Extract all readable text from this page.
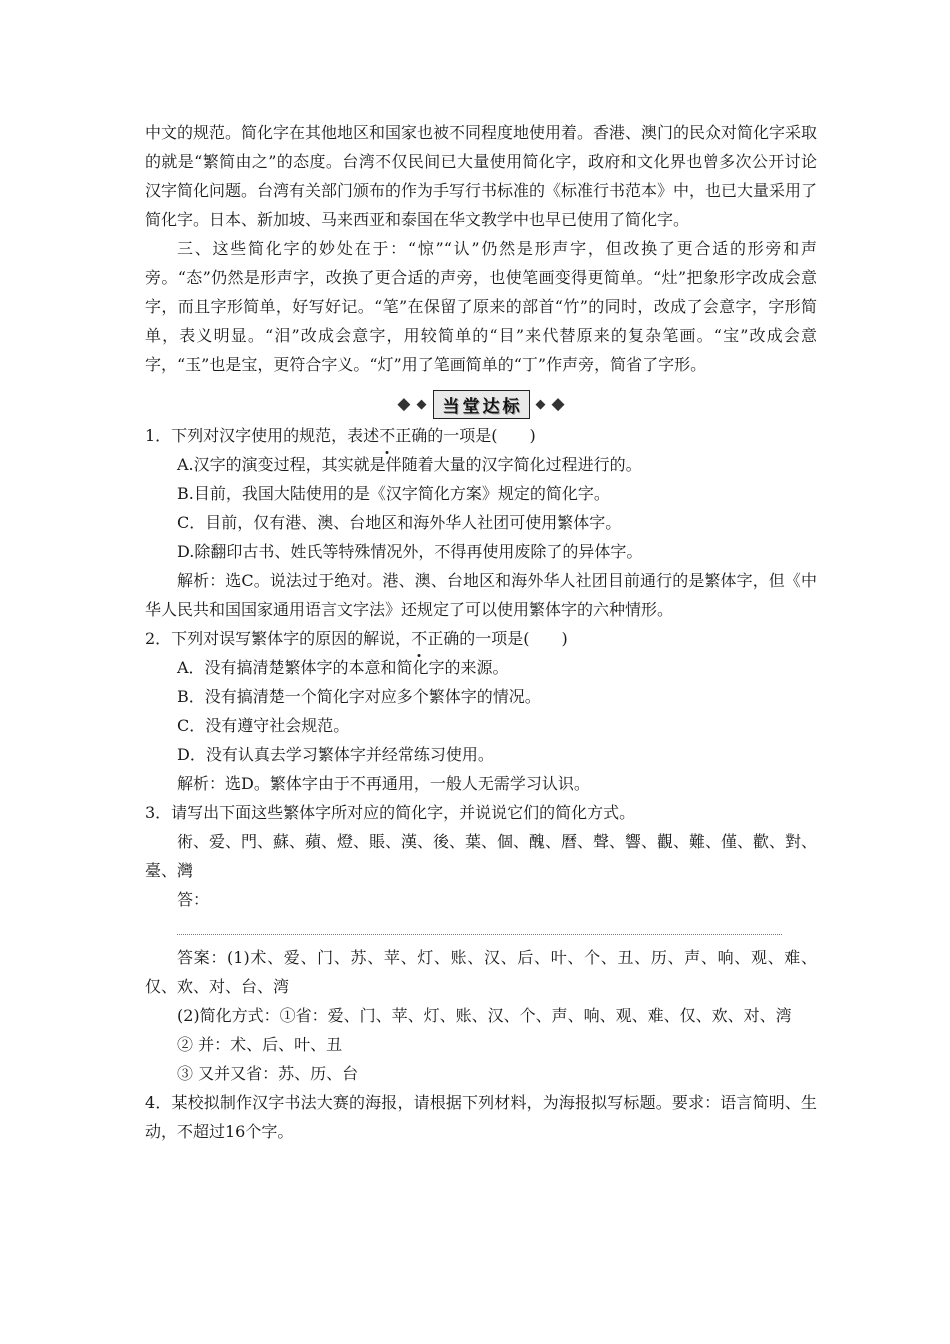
中文的规范。简化字在其他地区和国家也被不同程度地使用着。香港、澳门的民众对简化字采取的就是“繁简由之”的态度。台湾不仅民间已大量使用简化字，政府和文化界也曾多次公开讨论汉字简化问题。台湾有关部门颁布的作为手写行书标准的《标准行书范本》中，也已大量采用了简化字。日本、新加坡、马来西亚和泰国在华文教学中也早已使用了简化字。

三、这些简化字的妙处在于：“惊”“认”仍然是形声字，但改换了更合适的形旁和声旁。“态”仍然是形声字，改换了更合适的声旁，也使笔画变得更简单。“灶”把象形字改成会意字，而且字形简单，好写好记。“笔”在保留了原来的部首“竹”的同时，改成了会意字，字形简单，表义明显。“泪”改成会意字，用较简单的“目”来代替原来的复杂笔画。“宝”改成会意字，“玉”也是宝，更符合字义。“灯”用了笔画简单的“丁”作声旁，简省了字形。

◆ ◆ 当堂达标	◆ ◆

1．下列对汉字使用的规范，表述不正确的一项是(　　)

A.汉字的演变过程，其实就是伴随着大量的汉字简化过程进行的。

B.目前，我国大陆使用的是《汉字简化方案》规定的简化字。

C．目前，仅有港、澳、台地区和海外华人社团可使用繁体字。

D.除翻印古书、姓氏等特殊情况外，不得再使用废除了的异体字。

解析：选C。说法过于绝对。港、澳、台地区和海外华人社团目前通行的是繁体字，但《中华人民共和国国家通用语言文字法》还规定了可以使用繁体字的六种情形。

2．下列对误写繁体字的原因的解说，不正确的一项是(　　)

A．没有搞清楚繁体字的本意和简化字的来源。

B．没有搞清楚一个简化字对应多个繁体字的情况。

C．没有遵守社会规范。

D．没有认真去学习繁体字并经常练习使用。

解析：选D。繁体字由于不再通用，一般人无需学习认识。

3．请写出下面这些繁体字所对应的简化字，并说说它们的简化方式。

術、爱、門、蘇、蘋、燈、賬、漢、後、葉、個、醜、曆、聲、響、觀、難、僅、歡、對、臺、灣

答：

答案：(1)术、爱、门、苏、苹、灯、账、汉、后、叶、个、丑、历、声、响、观、难、仅、欢、对、台、湾

(2)简化方式：①省：爱、门、苹、灯、账、汉、个、声、响、观、难、仅、欢、对、湾

② 并：术、后、叶、丑

③ 又并又省：苏、历、台

4．某校拟制作汉字书法大赛的海报，请根据下列材料，为海报拟写标题。要求：语言简明、生动，不超过16个字。
